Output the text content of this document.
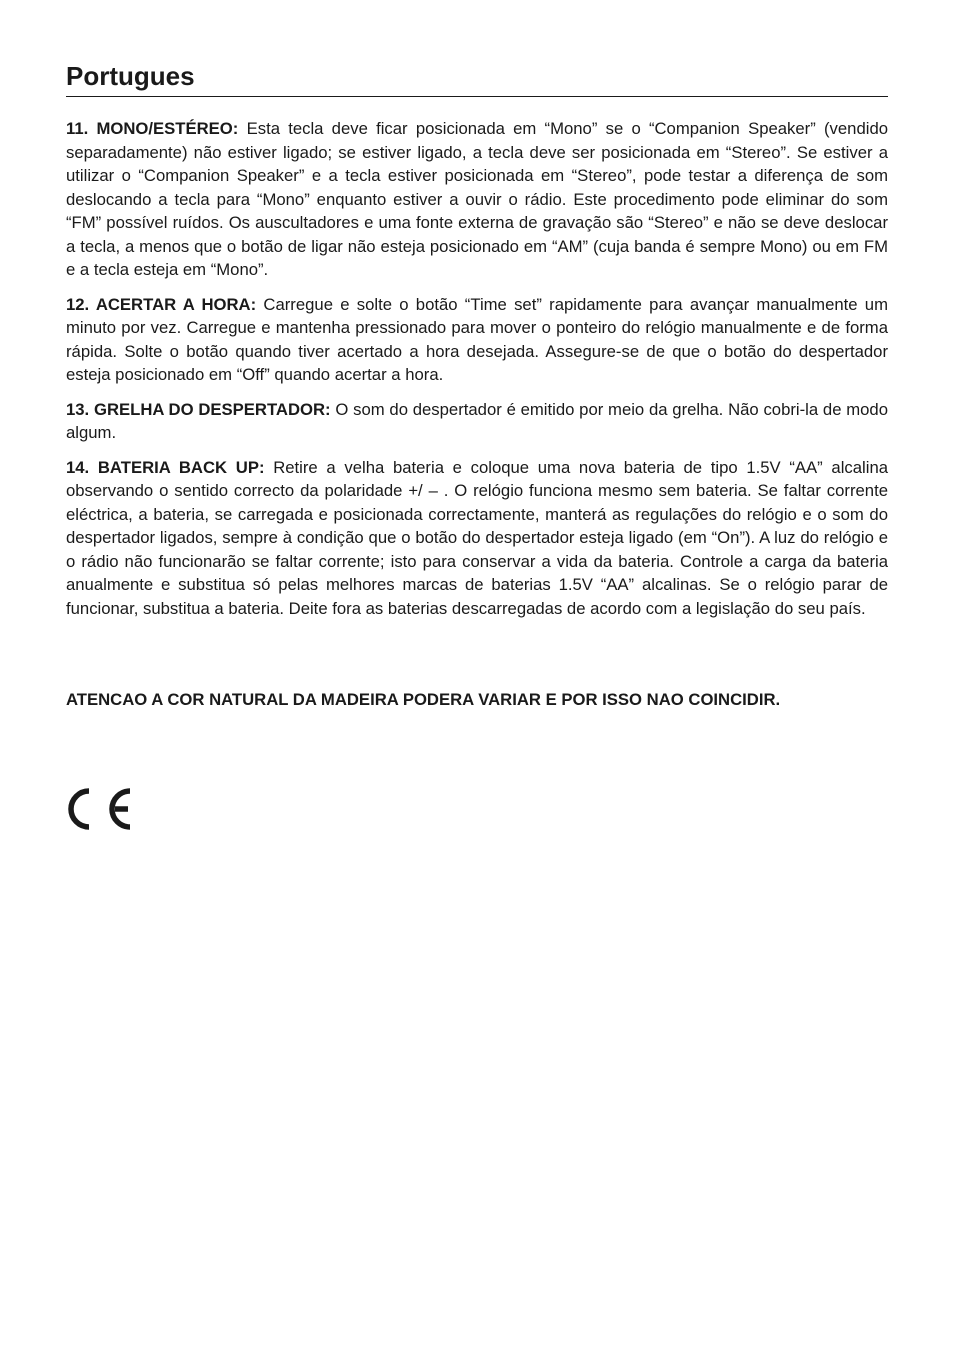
Portugues

11. MONO/ESTÉREO: Esta tecla deve ficar posicionada em “Mono” se o “Companion Speaker” (vendido separadamente) não estiver ligado; se estiver ligado, a tecla deve ser posicionada em “Stereo”. Se estiver a utilizar o “Companion Speaker” e a tecla estiver posicionada em “Stereo”, pode testar a diferença de som deslocando a tecla para “Mono” enquanto estiver a ouvir o rádio. Este procedimento pode eliminar do som “FM” possível ruídos. Os auscultadores e uma fonte externa de gravação são “Stereo” e não se deve deslocar a tecla, a menos que o botão de ligar não esteja posicionado em “AM” (cuja banda é sempre Mono) ou em FM e a tecla esteja em “Mono”.

12. ACERTAR A HORA: Carregue e solte o botão “Time set” rapidamente para avançar manualmente um minuto por vez. Carregue e mantenha pressionado para mover o ponteiro do relógio manualmente e de forma rápida. Solte o botão quando tiver acertado a hora desejada. Assegure-se de que o botão do despertador esteja posicionado em “Off” quando acertar a hora.

13. GRELHA DO DESPERTADOR: O som do despertador é emitido por meio da grelha. Não cobri-la de modo algum.

14. BATERIA BACK UP: Retire a velha bateria e coloque uma nova bateria de tipo 1.5V “AA” alcalina observando o sentido correcto da polaridade +/ – . O relógio funciona mesmo sem bateria. Se faltar corrente eléctrica, a bateria, se carregada e posicionada correctamente, manterá as regulações do relógio e o som do despertador ligados, sempre à condição que o botão do despertador esteja ligado (em “On”). A luz do relógio e o rádio não funcionarão se faltar corrente; isto para conservar a vida da bateria. Controle a carga da bateria anualmente e substitua só pelas melhores marcas de baterias 1.5V “AA” alcalinas. Se o relógio parar de funcionar, substitua a bateria. Deite fora as baterias descarregadas de acordo com a legislação do seu país.

ATENCAO A COR NATURAL DA MADEIRA PODERA VARIAR E POR ISSO NAO COINCIDIR.
